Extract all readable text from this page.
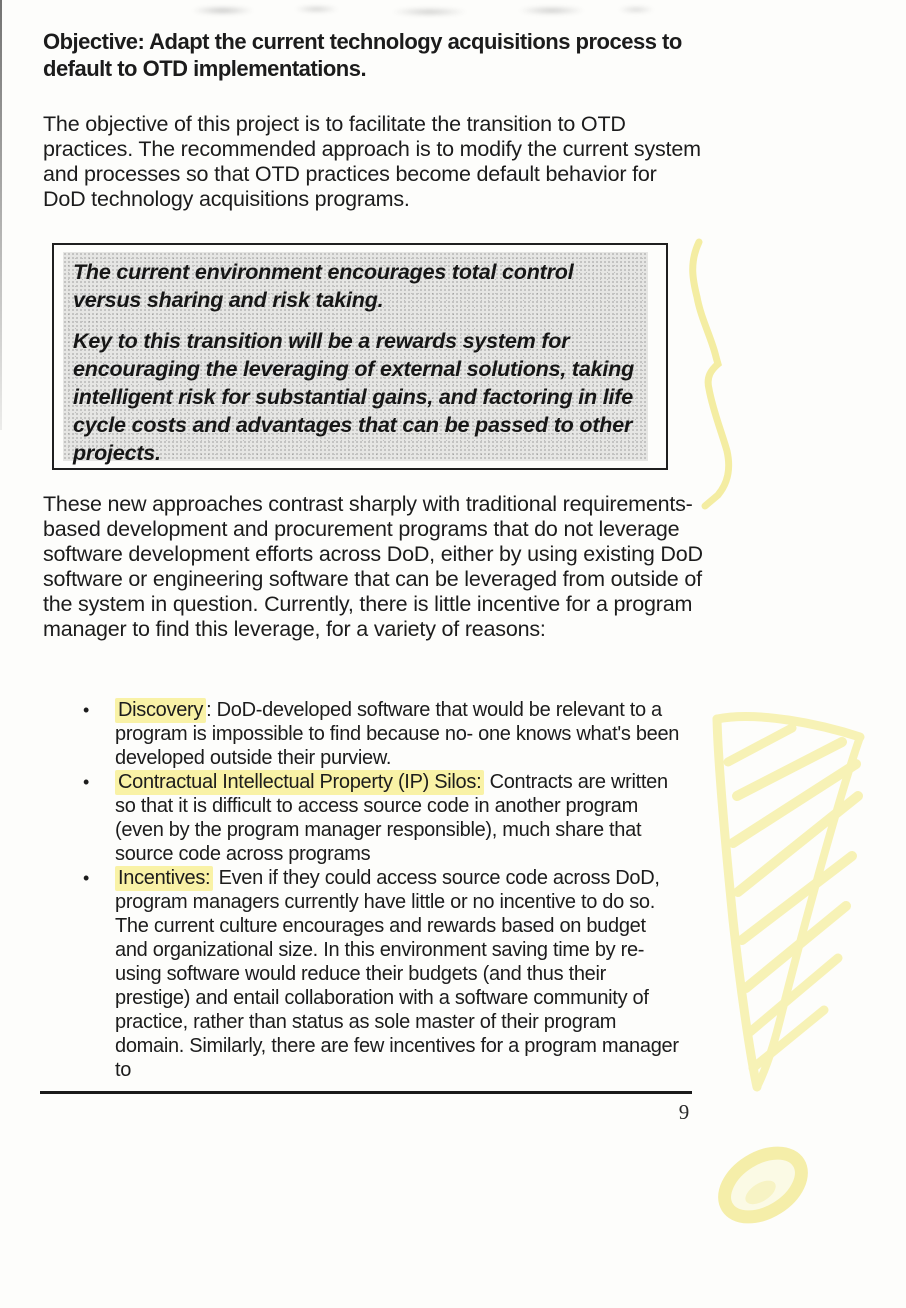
Objective: Adapt the current technology acquisitions process to default to OTD implementations.

The objective of this project is to facilitate the transition to OTD practices. The recommended approach is to modify the current system and processes so that OTD practices become default behavior for DoD technology acquisitions programs.

The current environment encourages total control versus sharing and risk taking.

Key to this transition will be a rewards system for encouraging the leveraging of external solutions, taking intelligent risk for substantial gains, and factoring in life cycle costs and advantages that can be passed to other projects.

These new approaches contrast sharply with traditional requirements-based development and procurement programs that do not leverage software development efforts across DoD, either by using existing DoD software or engineering software that can be leveraged from outside of the system in question. Currently, there is little incentive for a program manager to find this leverage, for a variety of reasons:

•	Discovery : DoD-developed software that would be relevant to a program is impossible to find because no- one knows what's been developed outside their purview.
•	Contractual Intellectual Property (IP) Silos: Contracts are written so that it is difficult to access source code in another program (even by the program manager responsible), much share that source code across programs
•	Incentives: Even if they could access source code across DoD, program managers currently have little or no incentive to do so. The current culture encourages and rewards based on budget and organizational size. In this environment saving time by re-using software would reduce their budgets (and thus their prestige) and entail collaboration with a software community of practice, rather than status as sole master of their program domain. Similarly, there are few incentives for a program manager to
9
